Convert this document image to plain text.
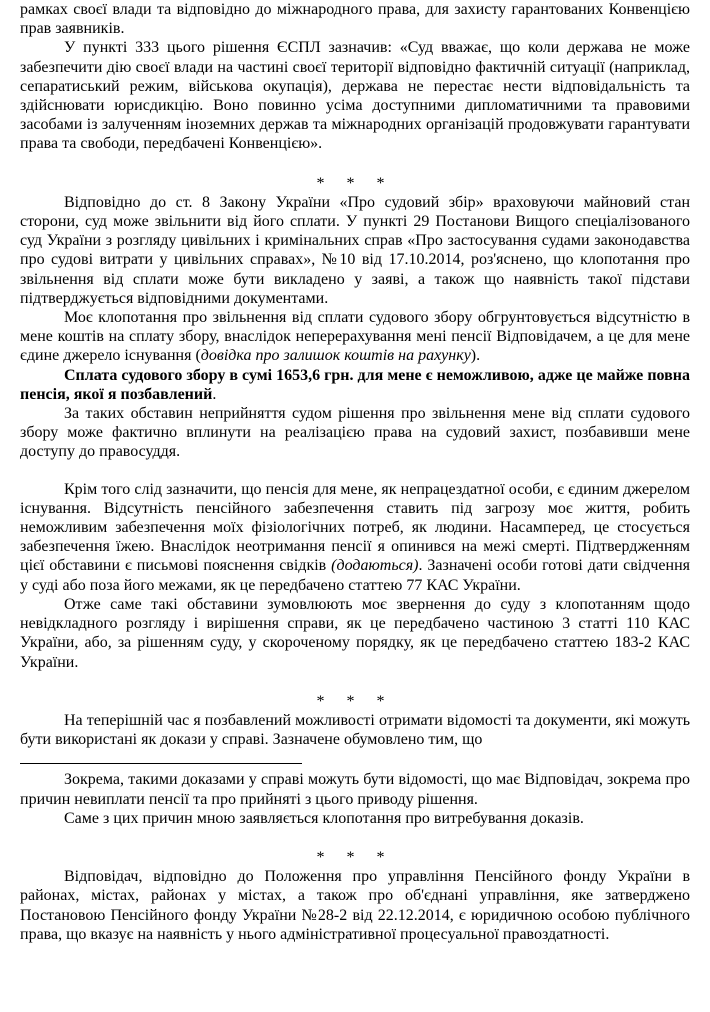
рамках своєї влади та відповідно до міжнародного права, для захисту гарантованих Конвенцією прав заявників.

У пункті 333 цього рішення ЄСПЛ зазначив: «Суд вважає, що коли держава не може забезпечити дію своєї влади на частині своєї території відповідно фактичній ситуації (наприклад, сепаратиський режим, військова окупація), держава не перестає нести відповідальність та здійснювати юрисдикцію. Воно повинно усіма доступними дипломатичними та правовими засобами із залученням іноземних держав та міжнародних організацій продовжувати гарантувати права та свободи, передбачені Конвенцією».

* * *

Відповідно до ст. 8 Закону України «Про судовий збір» враховуючи майновий стан сторони, суд може звільнити від його сплати. У пункті 29 Постанови Вищого спеціалізованого суд України з розгляду цивільних і кримінальних справ «Про застосування судами законодавства про судові витрати у цивільних справах», №10 від 17.10.2014, роз'яснено, що клопотання про звільнення від сплати може бути викладено у заяві, а також що наявність такої підстави підтверджується відповідними документами.

Моє клопотання про звільнення від сплати судового збору обгрунтовується відсутністю в мене коштів на сплату збору, внаслідок неперерахування мені пенсії Відповідачем, а це для мене єдине джерело існування (довідка про залишок коштів на рахунку).

Сплата судового збору в сумі 1653,6 грн. для мене є неможливою, адже це майже повна пенсія, якої я позбавлений.

За таких обставин неприйняття судом рішення про звільнення мене від сплати судового збору може фактично вплинути на реалізацією права на судовий захист, позбавивши мене доступу до правосуддя.

Крім того слід зазначити, що пенсія для мене, як непрацездатної особи, є єдиним джерелом існування. Відсутність пенсійного забезпечення ставить під загрозу моє життя, робить неможливим забезпечення моїх фізіологічних потреб, як людини. Насамперед, це стосується забезпечення їжею. Внаслідок неотримання пенсії я опинився на межі смерті. Підтвердженням цієї обставини є письмові пояснення свідків (додаються). Зазначені особи готові дати свідчення у суді або поза його межами, як це передбачено статтею 77 КАС України.

Отже саме такі обставини зумовлюють моє звернення до суду з клопотанням щодо невідкладного розгляду і вирішення справи, як це передбачено частиною 3 статті 110 КАС України, або, за рішенням суду, у скороченому порядку, як це передбачено статтею 183-2 КАС України.

* * *

На теперішній час я позбавлений можливості отримати відомості та документи, які можуть бути використані як докази у справі. Зазначене обумовлено тим, що

Зокрема, такими доказами у справі можуть бути відомості, що має Відповідач, зокрема про причин невиплати пенсії та про прийняті з цього приводу рішення.

Саме з цих причин мною заявляється клопотання про витребування доказів.

* * *

Відповідач, відповідно до Положення про управління Пенсійного фонду України в районах, містах, районах у містах, а також про об'єднані управління, яке затверджено Постановою Пенсійного фонду України №28-2 від 22.12.2014, є юридичною особою публічного права, що вказує на наявність у нього адміністративної процесуальної правоздатності.
